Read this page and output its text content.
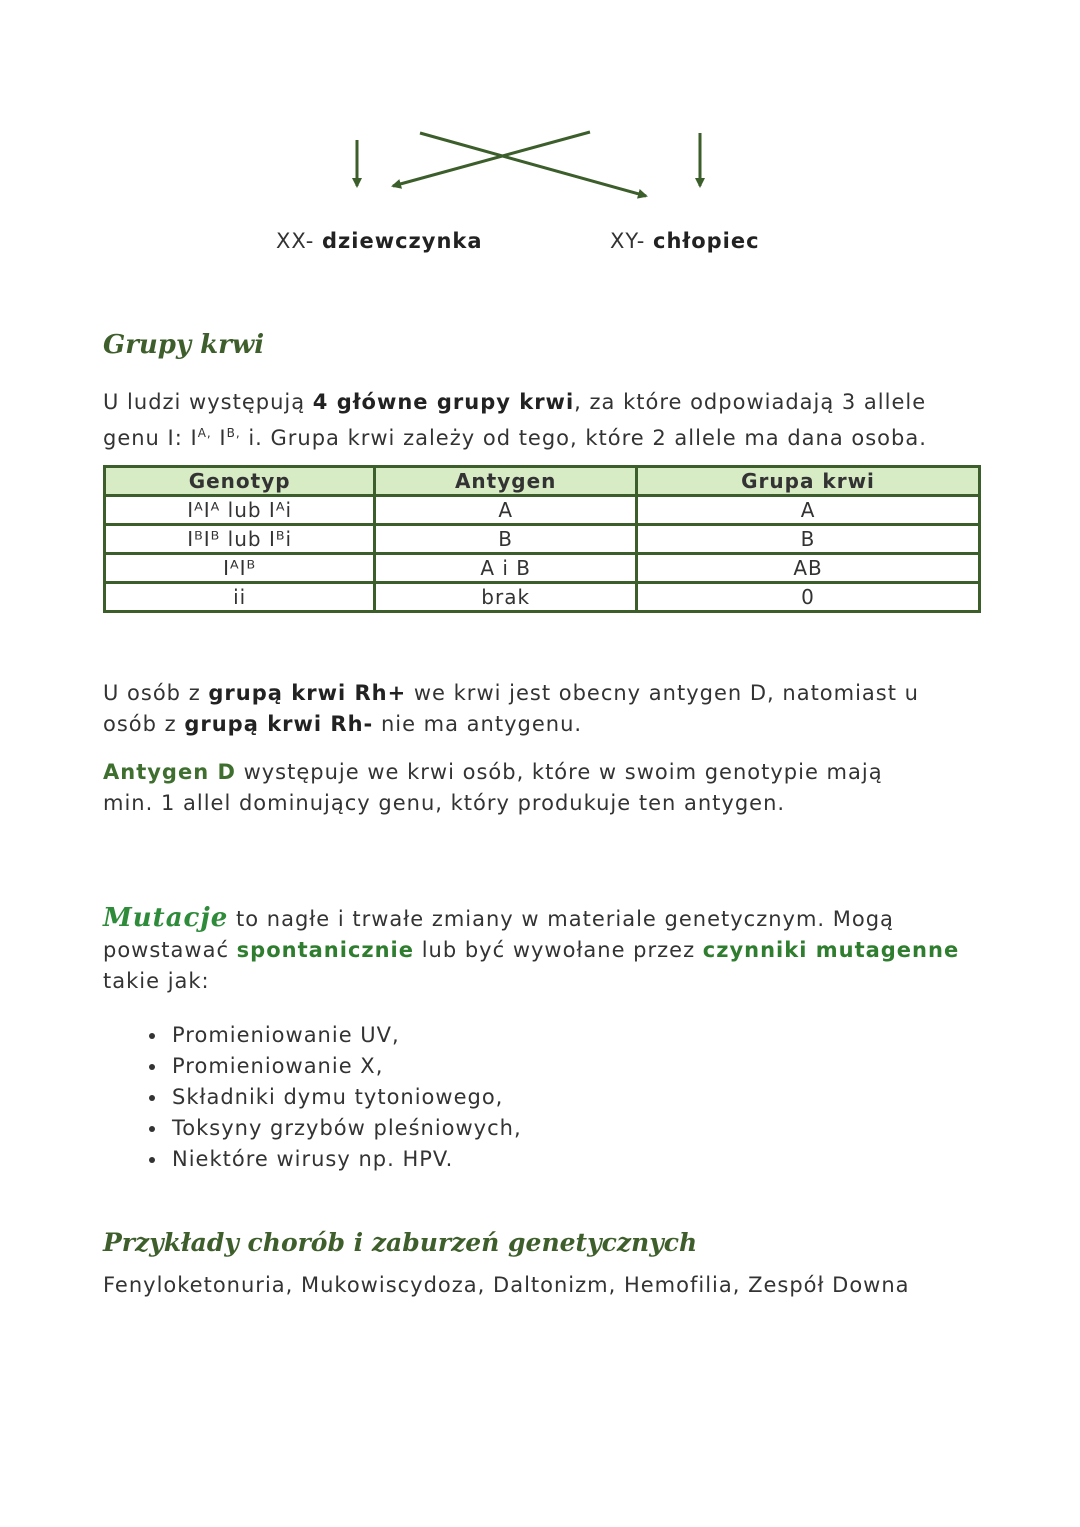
XX- dziewczynka	XY- chłopiec
Grupy krwi
U ludzi występują 4 główne grupy krwi, za które odpowiadają 3 allele
genu I: $I^{A,}$ $I^{B,}$ i. Grupa krwi zależy od tego, które 2 allele ma dana osoba.
Genotyp	Antygen	Grupa krwi
IᴬIᴬ lub Iᴬi	A	A
IᴮIᴮ lub Iᴮi	B	B
IᴬIᴮ	A i B	AB
ii	brak	0
U osób z grupą krwi Rh+ we krwi jest obecny antygen D, natomiast u
osób z grupą krwi Rh- nie ma antygenu.
Antygen D występuje we krwi osób, które w swoim genotypie mają
min. 1 allel dominujący genu, który produkuje ten antygen.
Mutacje to nagłe i trwałe zmiany w materiale genetycznym. Mogą
powstawać spontanicznie lub być wywołane przez czynniki mutagenne
takie jak:
• Promieniowanie UV,
• Promieniowanie X,
• Składniki dymu tytoniowego,
• Toksyny grzybów pleśniowych,
• Niektóre wirusy np. HPV.
Przykłady chorób i zaburzeń genetycznych
Fenyloketonuria, Mukowiscydoza, Daltonizm, Hemofilia, Zespół Downa
